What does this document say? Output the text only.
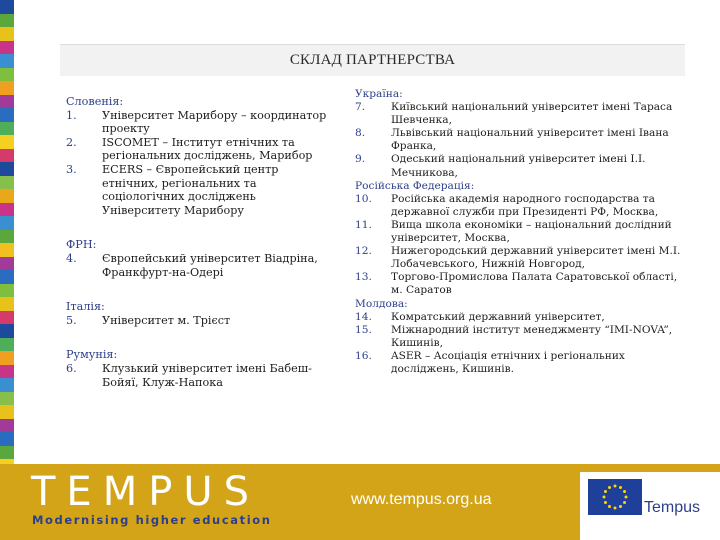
СКЛАД ПАРТНЕРСТВА
Словенія:
1.	Університет Марибору – координатор проекту
2.	ISCOMET – Інститут етнічних та регіональних досліджень, Марибор
3.	ECERS – Європейський центр етнічних, регіональних та соціологічних досліджень Університету Марибору
ФРН:
4.	Європейський університет Віадріна, Франкфурт-на-Одері
Італія:
5.	Університет м. Трієст
Румунія:
6.	Клузький університет імені Бабеш-Бойяї, Клуж-Напока
Україна:
7.	Київський національний університет імені Тараса Шевченка,
8.	Львівський національний університет імені Івана Франка,
9.	Одеський національний університет імені І.І. Мечникова,
Російська Федерація:
10.	Російська академія народного господарства та державної служби при Президенті РФ, Москва,
11.	Вища школа економіки – національний дослідний університет, Москва,
12.	Нижегородський державний університет імені М.І. Лобачевського, Нижній Новгород,
13.	Торгово-Промислова Палата Саратовської області, м. Саратов
Молдова:
14.	Комратський державний університет,
15.	Міжнародний інститут менеджменту “IMI-NOVA”, Кишинів,
16.	ASER – Асоціація етнічних і регіональних досліджень, Кишинів.
TEMPUS
Modernising higher education
www.tempus.org.ua	Tempus
